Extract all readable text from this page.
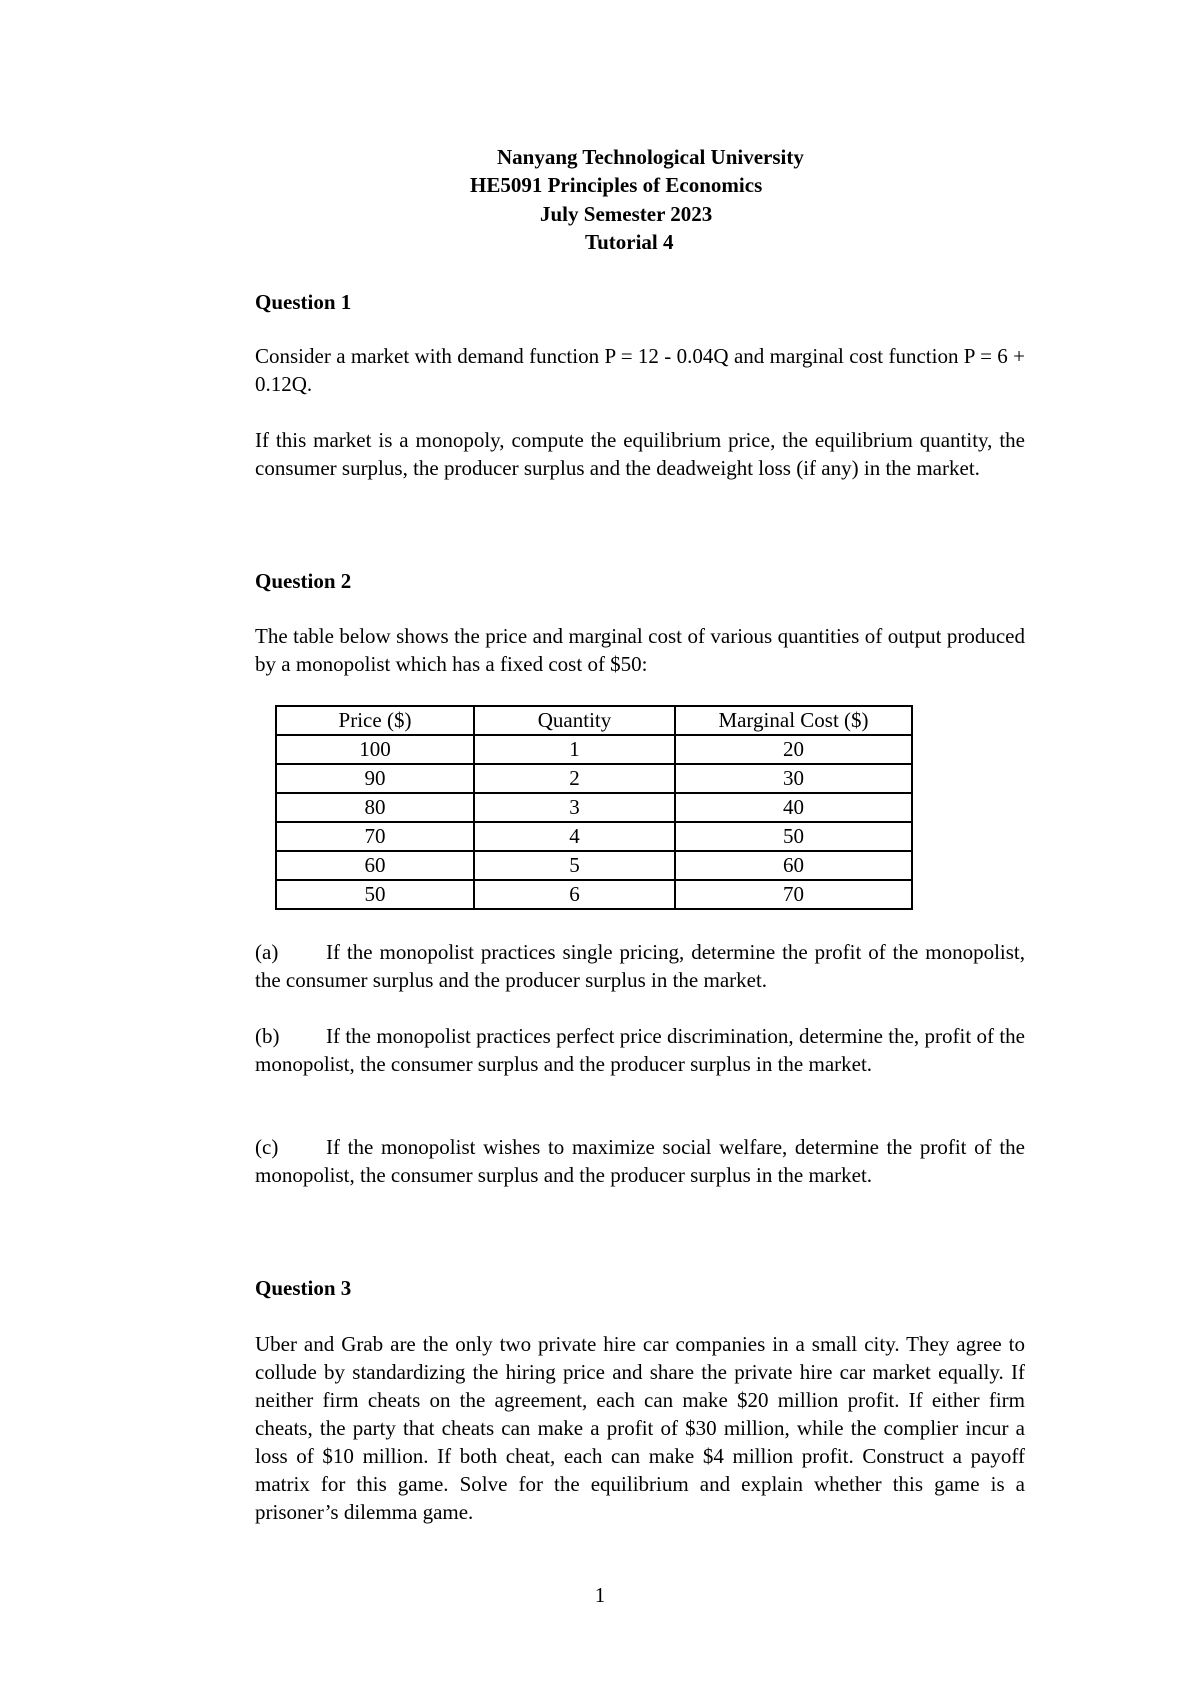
Nanyang Technological University
HE5091 Principles of Economics
July Semester 2023
Tutorial 4
Question 1
Consider a market with demand function P = 12 - 0.04Q and marginal cost function P = 6 + 0.12Q.
If this market is a monopoly, compute the equilibrium price, the equilibrium quantity, the consumer surplus, the producer surplus and the deadweight loss (if any) in the market.
Question 2
The table below shows the price and marginal cost of various quantities of output produced by a monopolist which has a fixed cost of $50:
(a) If the monopolist practices single pricing, determine the profit of the monopolist, the consumer surplus and the producer surplus in the market.
(b) If the monopolist practices perfect price discrimination, determine the, profit of the monopolist, the consumer surplus and the producer surplus in the market.
(c) If the monopolist wishes to maximize social welfare, determine the profit of the monopolist, the consumer surplus and the producer surplus in the market.
Question 3
Uber and Grab are the only two private hire car companies in a small city. They agree to collude by standardizing the hiring price and share the private hire car market equally. If neither firm cheats on the agreement, each can make $20 million profit. If either firm cheats, the party that cheats can make a profit of $30 million, while the complier incur a loss of $10 million. If both cheat, each can make $4 million profit. Construct a payoff matrix for this game. Solve for the equilibrium and explain whether this game is a prisoner’s dilemma game.
Price ($)	Quantity	Marginal Cost ($)
100	1	20
90	2	30
80	3	40
70	4	50
60	5	60
50	6	70
1
